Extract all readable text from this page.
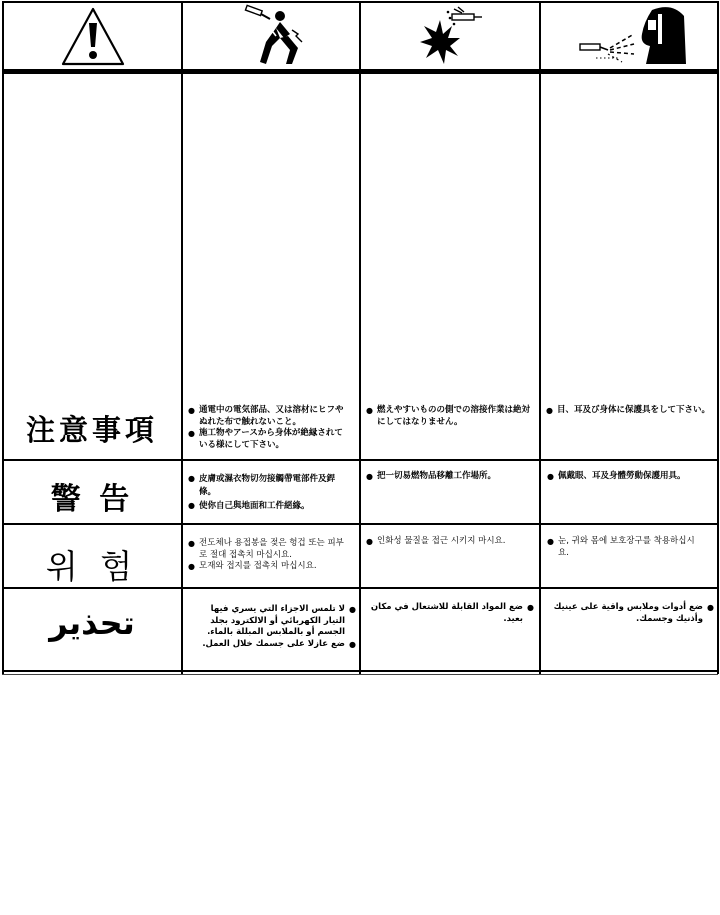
注意事項
警 告
위 험
تحذير
● 通電中の電気部品、又は溶材にヒフやぬれた布で触れないこと。
● 施工物やアースから身体が絶縁されている様にして下さい。
● 燃えやすいものの側での溶接作業は絶対にしてはなりません。
● 目、耳及び身体に保護具をして下さい。
● 皮膚或濕衣物切勿接觸帶電部件及銲條。
● 使你自己與地面和工件絕緣。
● 把一切易燃物品移離工作場所。	● 佩戴眼、耳及身體勞動保護用具。
● 전도체나 용접봉을 젖은 헝겁 또는 피부로 절대 접촉치 마십시요.
● 모재와 접지를 접촉치 마십시요.
● 인화성 물질을 접근 시키지 마시요.	● 눈, 귀와 몸에 보호장구를 착용하십시요.
● لا تلمس الاجزاء التي يسري فيها التيار الكهربائي أو الالكترود بجلد الجسم أو بالملابس المبللة بالماء.
● ضع عازلا على جسمك خلال العمل.
● ضع المواد القابلة للاشتعال في مكان بعيد.
● ضع أدوات وملابس واقية على عينيك وأذنيك وجسمك.
